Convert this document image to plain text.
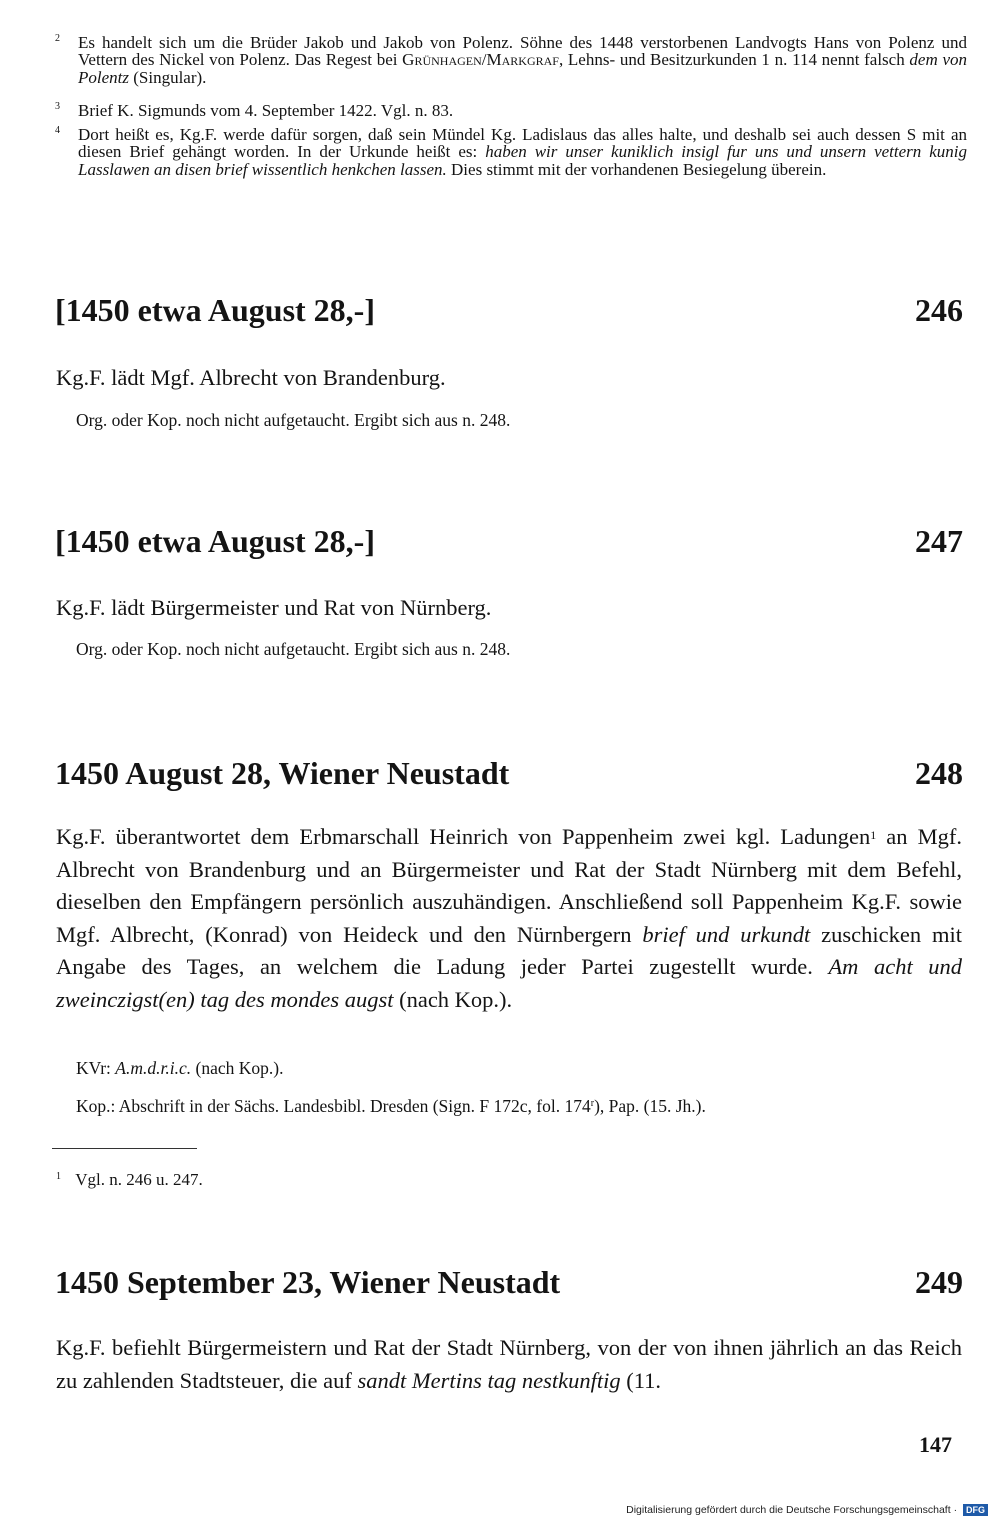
2	Es handelt sich um die Brüder Jakob und Jakob von Polenz. Söhne des 1448 verstorbenen Landvogts Hans von Polenz und Vettern des Nickel von Polenz. Das Regest bei Grünhagen/Markgraf, Lehns- und Besitzurkunden 1 n. 114 nennt falsch dem von Polentz (Singular).
3	Brief K. Sigmunds vom 4. September 1422. Vgl. n. 83.
4	Dort heißt es, Kg.F. werde dafür sorgen, daß sein Mündel Kg. Ladislaus das alles halte, und deshalb sei auch dessen S mit an diesen Brief gehängt worden. In der Urkunde heißt es: haben wir unser kuniklich insigl fur uns und unsern vettern kunig Lasslawen an disen brief wissentlich henkchen lassen. Dies stimmt mit der vorhandenen Besiegelung überein.
[1450 etwa August 28,-]	246
Kg.F. lädt Mgf. Albrecht von Brandenburg.
Org. oder Kop. noch nicht aufgetaucht. Ergibt sich aus n. 248.
[1450 etwa August 28,-]	247
Kg.F. lädt Bürgermeister und Rat von Nürnberg.
Org. oder Kop. noch nicht aufgetaucht. Ergibt sich aus n. 248.
1450 August 28, Wiener Neustadt	248
Kg.F. überantwortet dem Erbmarschall Heinrich von Pappenheim zwei kgl. Ladungen$^1$ an Mgf. Albrecht von Brandenburg und an Bürgermeister und Rat der Stadt Nürnberg mit dem Befehl, dieselben den Empfängern persönlich auszuhändigen. Anschließend soll Pappenheim Kg.F. sowie Mgf. Albrecht, (Konrad) von Heideck und den Nürnbergern brief und urkundt zuschicken mit Angabe des Tages, an welchem die Ladung jeder Partei zugestellt wurde. Am acht und zweinczigst(en) tag des mondes augst (nach Kop.).
KVr: A.m.d.r.i.c. (nach Kop.).
Kop.: Abschrift in der Sächs. Landesbibl. Dresden (Sign. F 172c, fol. 174$^r$), Pap. (15. Jh.).
$^1$ Vgl. n. 246 u. 247.
1450 September 23, Wiener Neustadt	249
Kg.F. befiehlt Bürgermeistern und Rat der Stadt Nürnberg, von der von ihnen jährlich an das Reich zu zahlenden Stadtsteuer, die auf sandt Mertins tag nestkunftig (11.
147
Digitalisierung gefördert durch die Deutsche Forschungsgemeinschaft · DFG
